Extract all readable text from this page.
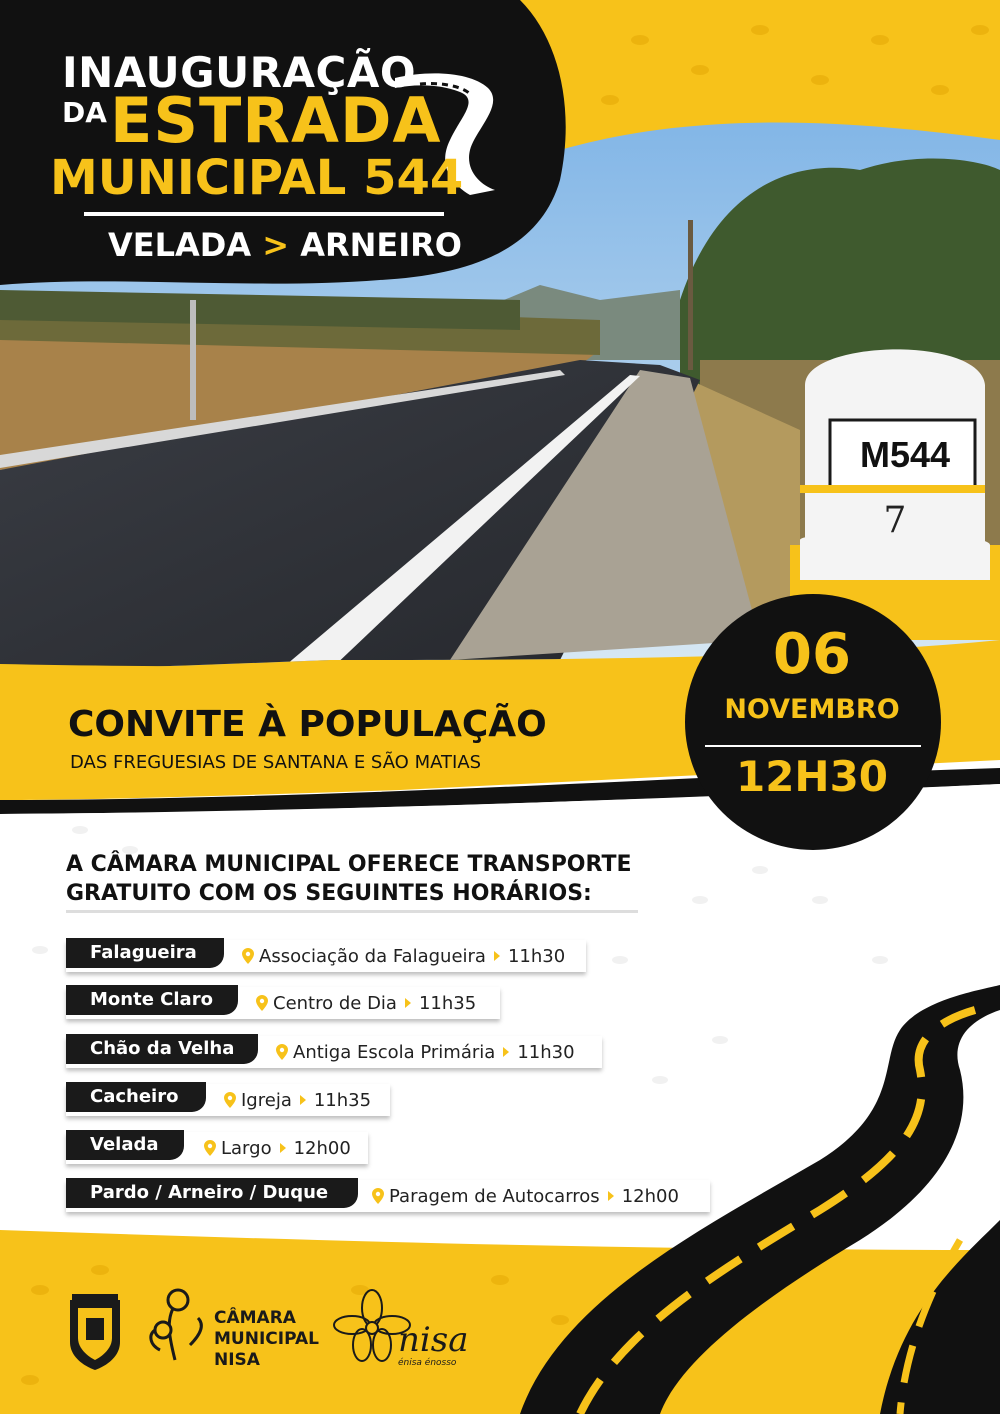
INAUGURAÇÃO
DA ESTRADA
MUNICIPAL 544
VELADA > ARNEIRO
M544
7
CONVITE À POPULAÇÃO
DAS FREGUESIAS DE SANTANA E SÃO MATIAS
06
NOVEMBRO
12H30
A CÂMARA MUNICIPAL OFERECE TRANSPORTE
GRATUITO COM OS SEGUINTES HORÁRIOS:
Falagueira	Associação da Falagueira 11h30
Monte Claro	Centro de Dia 11h35
Chão da Velha	Antiga Escola Primária 11h30
Cacheiro	Igreja 11h35
Velada	Largo 12h00
Pardo / Arneiro / Duque	Paragem de Autocarros 12h00
CÂMARA
MUNICIPAL
NISA	nisa
énisa énosso
